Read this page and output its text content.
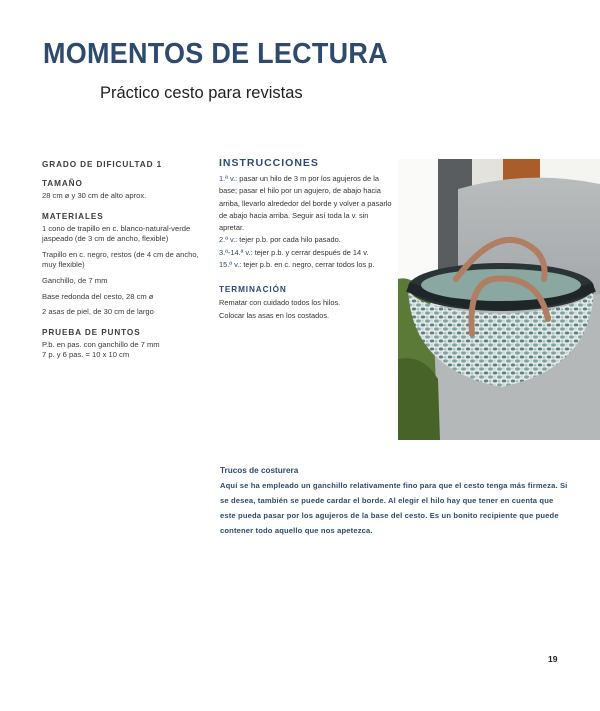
MOMENTOS DE LECTURA
Práctico cesto para revistas
GRADO DE DIFICULTAD 1
TAMAÑO
28 cm ø y 30 cm de alto aprox.
MATERIALES
1 cono de trapillo en c. blanco-natural-verde jaspeado (de 3 cm de ancho, flexible)
Trapillo en c. negro, restos (de 4 cm de ancho, muy flexible)
Ganchillo, de 7 mm
Base redonda del cesto, 28 cm ø
2 asas de piel, de 30 cm de largo
PRUEBA DE PUNTOS
P.b. en pas. con ganchillo de 7 mm
7 p. y 6 pas. = 10 x 10 cm
INSTRUCCIONES
1.ª v.: pasar un hilo de 3 m por los agujeros de la base; pasar el hilo por un agujero, de abajo hacia arriba, llevarlo alrededor del borde y volver a pasarlo de abajo hacia arriba. Seguir así toda la v. sin apretar.
2.ª v.: tejer p.b. por cada hilo pasado.
3.ª-14.ª v.: tejer p.b. y cerrar después de 14 v.
15.ª v.: tejer p.b. en c. negro, cerrar todos los p.
TERMINACIÓN
Rematar con cuidado todos los hilos.
Colocar las asas en los costados.
Trucos de costurera
Aquí se ha empleado un ganchillo relativamente fino para que el cesto tenga más firmeza. Si se desea, también se puede cardar el borde. Al elegir el hilo hay que tener en cuenta que este pueda pasar por los agujeros de la base del cesto. Es un bonito recipiente que puede contener todo aquello que nos apetezca.
19
